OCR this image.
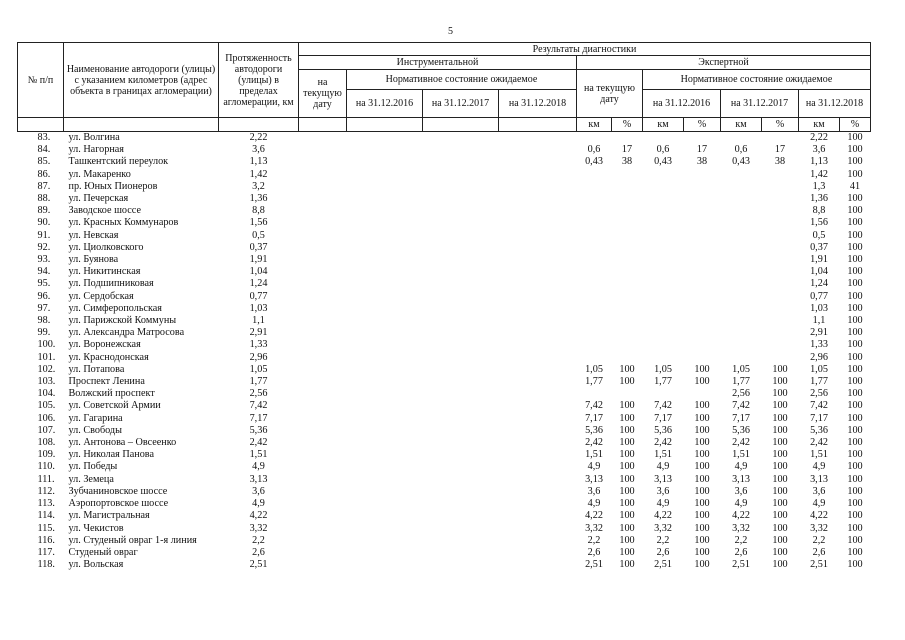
5
№ п/п	Наименование автодороги (улицы) с указанием километров (адрес объекта в границах агломерации)	Протяженность автодороги (улицы) в пределах агломерации, км	Результаты диагностики											
			Инструментальной				Экспертной							
			на текущую дату	Нормативное состояние ожидаемое			на текущую дату		Нормативное состояние ожидаемое					
				на 31.12.2016	на 31.12.2017	на 31.12.2018			на 31.12.2016		на 31.12.2017		на 31.12.2018	
							км	%	км	%	км	%	км	%
83.	ул. Волгина	2,22											2,22	100
84.	ул. Нагорная	3,6					0,6	17	0,6	17	0,6	17	3,6	100
85.	Ташкентский переулок	1,13					0,43	38	0,43	38	0,43	38	1,13	100
86.	ул. Макаренко	1,42											1,42	100
87.	пр. Юных Пионеров	3,2											1,3	41
88.	ул. Печерская	1,36											1,36	100
89.	Заводское шоссе	8,8											8,8	100
90.	ул. Красных Коммунаров	1,56											1,56	100
91.	ул. Невская	0,5											0,5	100
92.	ул. Циолковского	0,37											0,37	100
93.	ул. Буянова	1,91											1,91	100
94.	ул. Никитинская	1,04											1,04	100
95.	ул. Подшипниковая	1,24											1,24	100
96.	ул. Сердобская	0,77											0,77	100
97.	ул. Симферопольская	1,03											1,03	100
98.	ул. Парижской Коммуны	1,1											1,1	100
99.	ул. Александра Матросова	2,91											2,91	100
100.	ул. Воронежская	1,33											1,33	100
101.	ул. Краснодонская	2,96											2,96	100
102.	ул. Потапова	1,05					1,05	100	1,05	100	1,05	100	1,05	100
103.	Проспект Ленина	1,77					1,77	100	1,77	100	1,77	100	1,77	100
104.	Волжский проспект	2,56									2,56	100	2,56	100
105.	ул. Советской Армии	7,42					7,42	100	7,42	100	7,42	100	7,42	100
106.	ул. Гагарина	7,17					7,17	100	7,17	100	7,17	100	7,17	100
107.	ул. Свободы	5,36					5,36	100	5,36	100	5,36	100	5,36	100
108.	ул. Антонова – Овсеенко	2,42					2,42	100	2,42	100	2,42	100	2,42	100
109.	ул. Николая Панова	1,51					1,51	100	1,51	100	1,51	100	1,51	100
110.	ул. Победы	4,9					4,9	100	4,9	100	4,9	100	4,9	100
111.	ул. Земеца	3,13					3,13	100	3,13	100	3,13	100	3,13	100
112.	Зубчаниновское шоссе	3,6					3,6	100	3,6	100	3,6	100	3,6	100
113.	Аэропортовское шоссе	4,9					4,9	100	4,9	100	4,9	100	4,9	100
114.	ул. Магистральная	4,22					4,22	100	4,22	100	4,22	100	4,22	100
115.	ул. Чекистов	3,32					3,32	100	3,32	100	3,32	100	3,32	100
116.	ул. Студеный овраг 1-я линия	2,2					2,2	100	2,2	100	2,2	100	2,2	100
117.	Студеный овраг	2,6					2,6	100	2,6	100	2,6	100	2,6	100
118.	ул. Вольская	2,51					2,51	100	2,51	100	2,51	100	2,51	100
